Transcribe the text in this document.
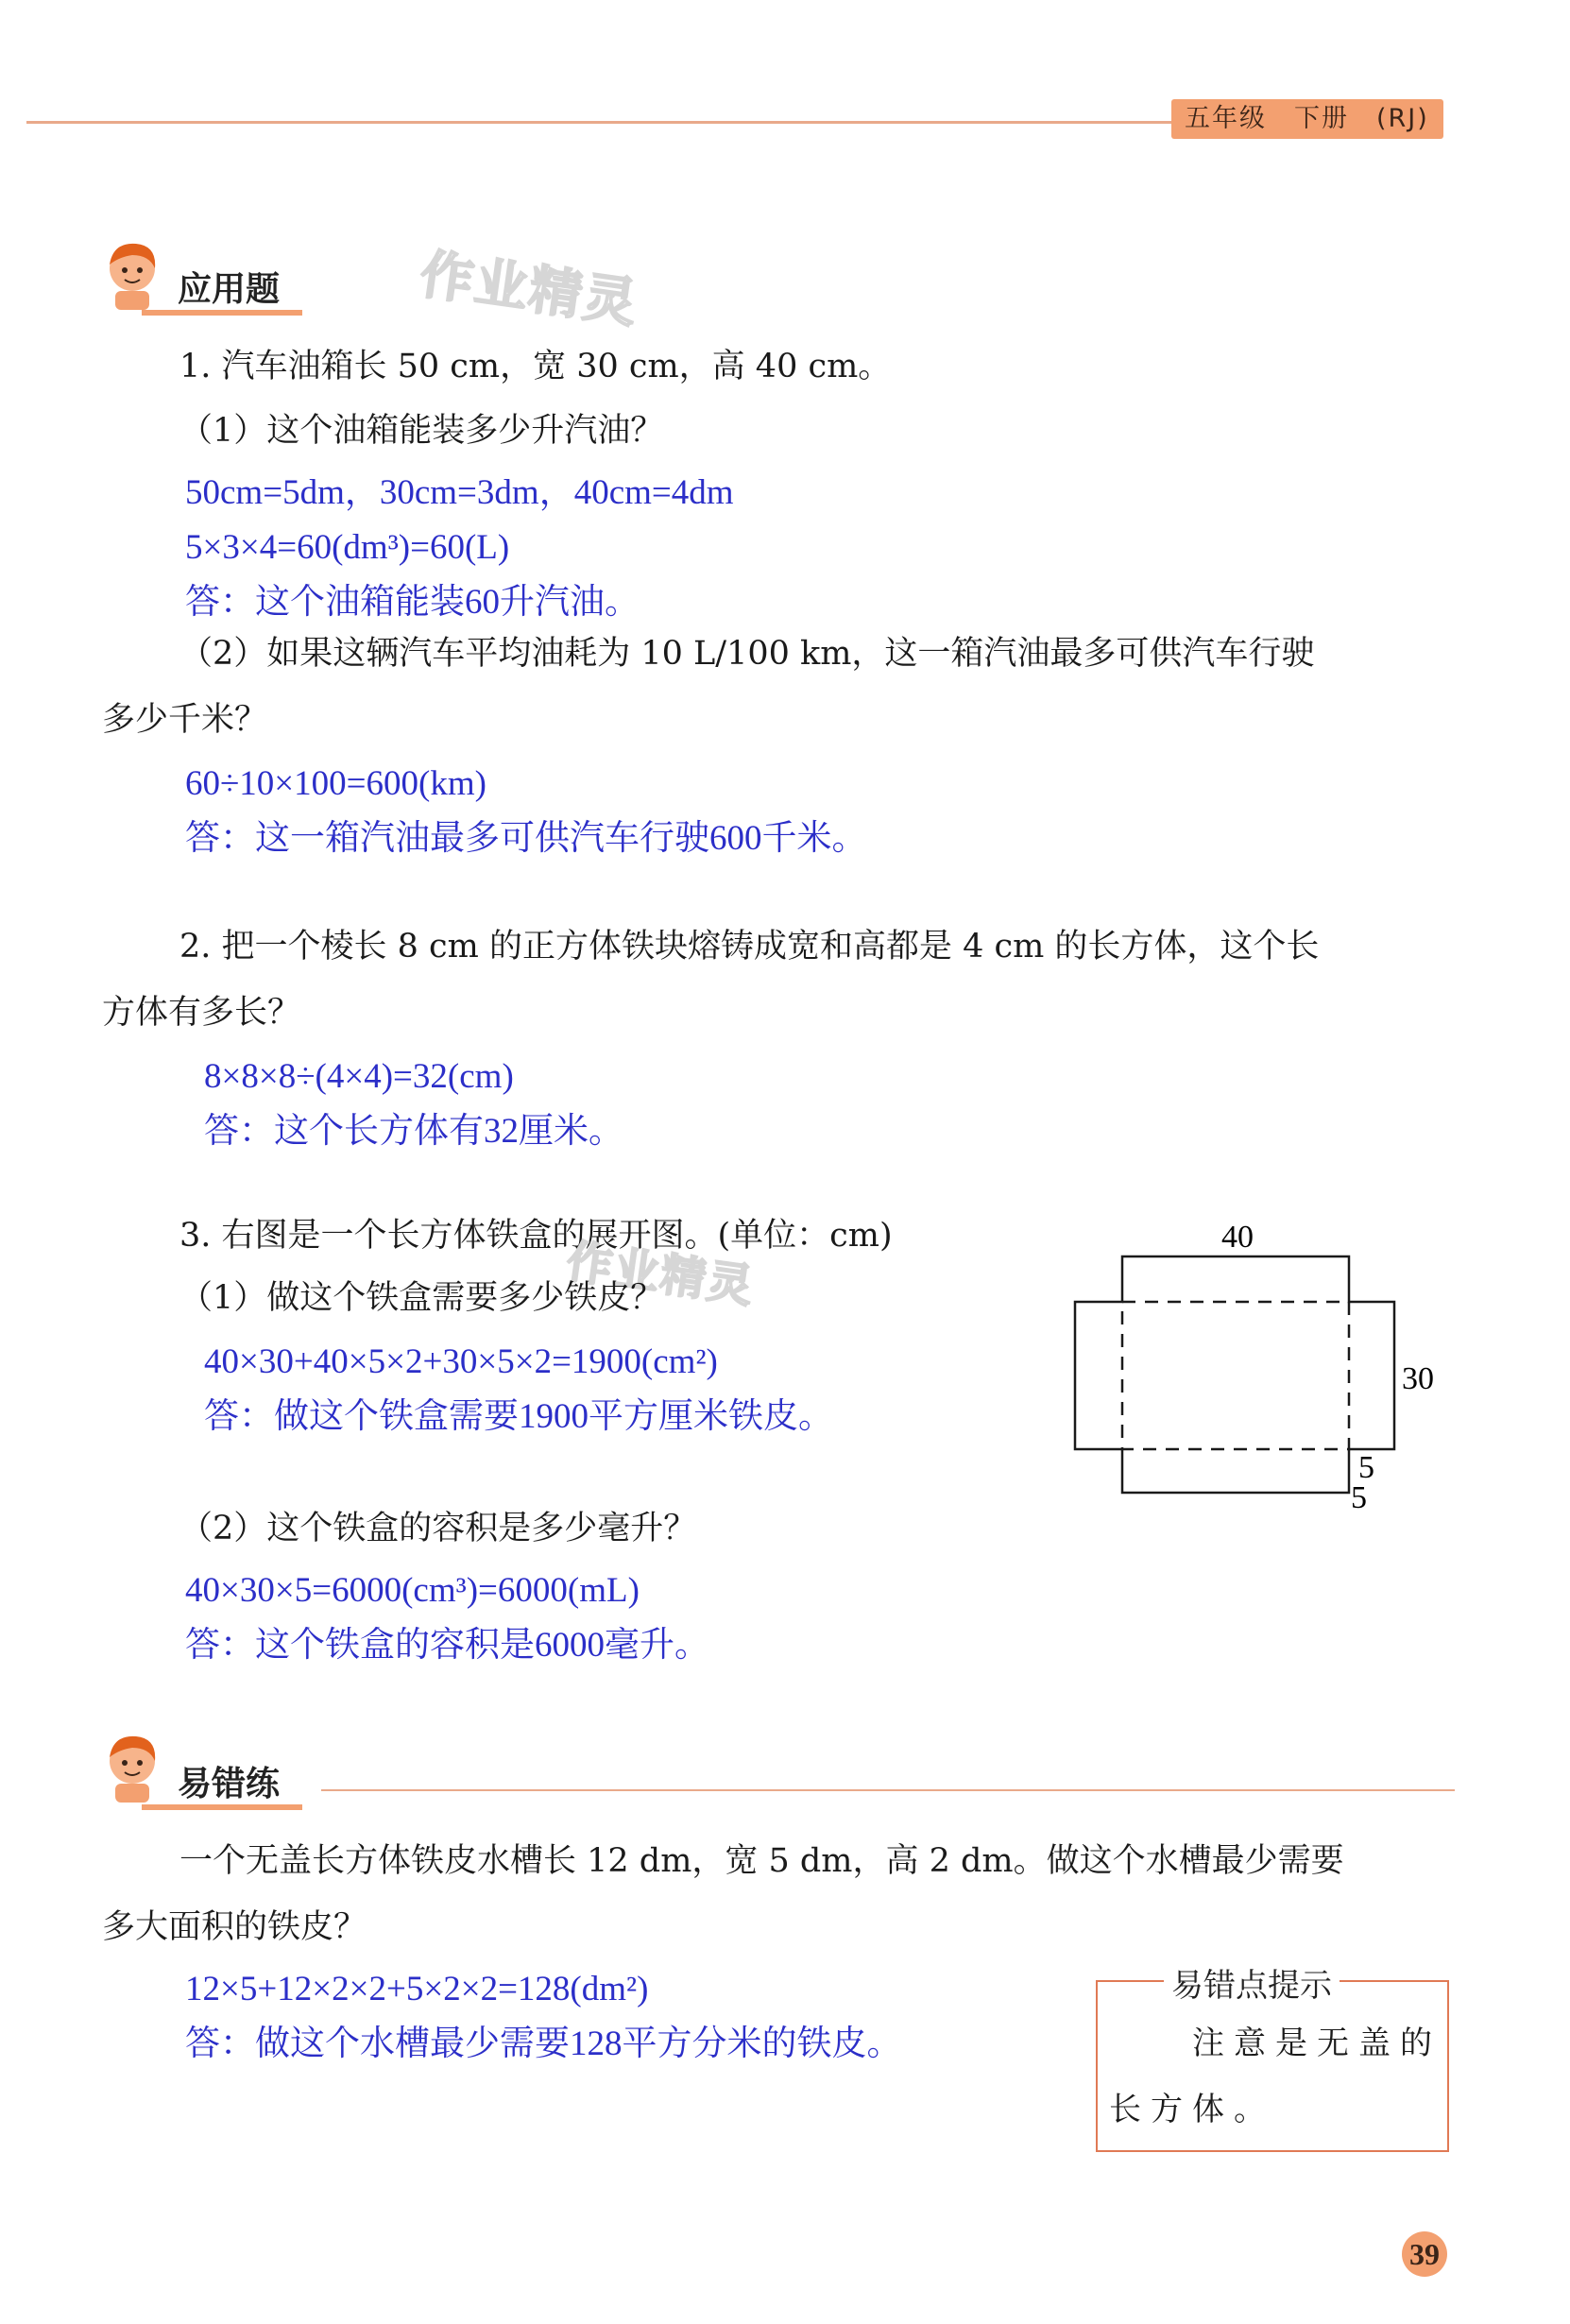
五年级　下册　(RJ)
应用题	作业精灵
1. 汽车油箱长 50 cm，宽 30 cm，高 40 cm。
（1）这个油箱能装多少升汽油？
50cm=5dm，30cm=3dm，40cm=4dm
5×3×4=60(dm³)=60(L)
答：这个油箱能装60升汽油。
（2）如果这辆汽车平均油耗为 10 L/100 km，这一箱汽油最多可供汽车行驶
多少千米？
60÷10×100=600(km)
答：这一箱汽油最多可供汽车行驶600千米。
2. 把一个棱长 8 cm 的正方体铁块熔铸成宽和高都是 4 cm 的长方体，这个长
方体有多长？
8×8×8÷(4×4)=32(cm)
答：这个长方体有32厘米。
3. 右图是一个长方体铁盒的展开图。(单位：cm)
作业精灵
（1）做这个铁盒需要多少铁皮？
40×30+40×5×2+30×5×2=1900(cm²)
答：做这个铁盒需要1900平方厘米铁皮。
（2）这个铁盒的容积是多少毫升？
40×30×5=6000(cm³)=6000(mL)
答：这个铁盒的容积是6000毫升。
40
30
5
5
易错练
一个无盖长方体铁皮水槽长 12 dm，宽 5 dm，高 2 dm。做这个水槽最少需要
多大面积的铁皮？
12×5+12×2×2+5×2×2=128(dm²)
答：做这个水槽最少需要128平方分米的铁皮。
易错点提示
注意是无盖的
长方体。
39
